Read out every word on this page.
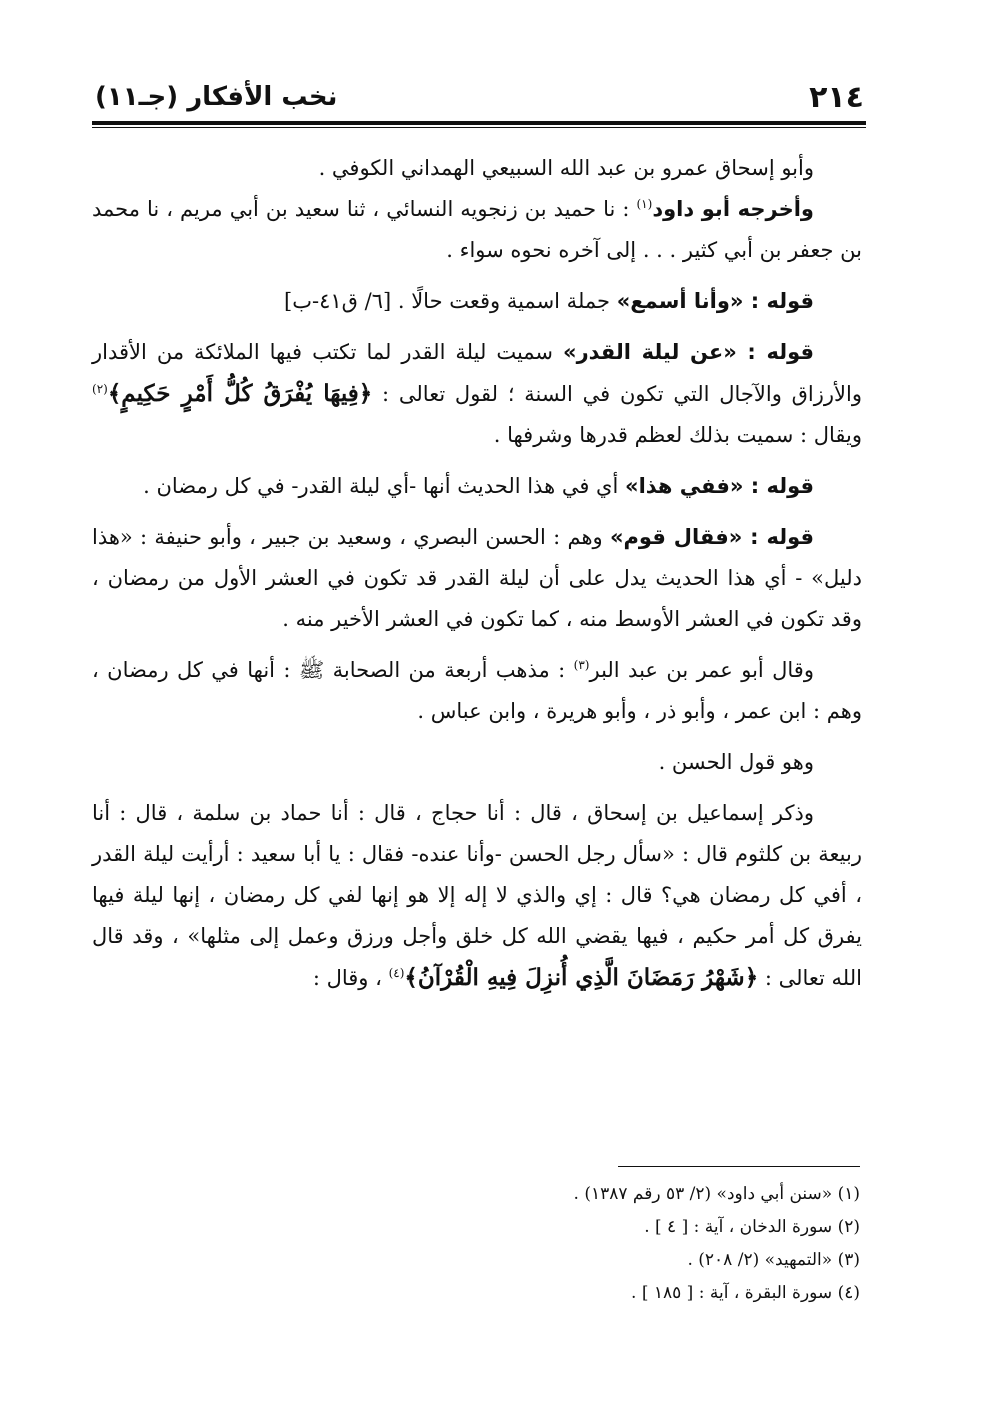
٢١٤
نخب الأفكار (جـ١١)

وأبو إسحاق عمرو بن عبد الله السبيعي الهمداني الكوفي .

وأخرجه أبو داود$^{(١)}$ : نا حميد بن زنجويه النسائي ، ثنا سعيد بن أبي مريم ، نا محمد بن جعفر بن أبي كثير . . . إلى آخره نحوه سواء .

قوله : «وأنا أسمع» جملة اسمية وقعت حالًا . [٦/ ق٤١-ب]

قوله : «عن ليلة القدر» سميت ليلة القدر لما تكتب فيها الملائكة من الأقدار والأرزاق والآجال التي تكون في السنة ؛ لقول تعالى : ﴿فِيهَا يُفْرَقُ كُلُّ أَمْرٍ حَكِيمٍ﴾$^{(٢)}$ ويقال : سميت بذلك لعظم قدرها وشرفها .

قوله : «ففي هذا» أي في هذا الحديث أنها -أي ليلة القدر- في كل رمضان .

قوله : «فقال قوم» وهم : الحسن البصري ، وسعيد بن جبير ، وأبو حنيفة : «هذا دليل» - أي هذا الحديث يدل على أن ليلة القدر قد تكون في العشر الأول من رمضان ، وقد تكون في العشر الأوسط منه ، كما تكون في العشر الأخير منه .

وقال أبو عمر بن عبد البر$^{(٣)}$ : مذهب أربعة من الصحابة ﷺ : أنها في كل رمضان ، وهم : ابن عمر ، وأبو ذر ، وأبو هريرة ، وابن عباس .

وهو قول الحسن .

وذكر إسماعيل بن إسحاق ، قال : أنا حجاج ، قال : أنا حماد بن سلمة ، قال : أنا ربيعة بن كلثوم قال : «سأل رجل الحسن -وأنا عنده- فقال : يا أبا سعيد : أرأيت ليلة القدر ، أفي كل رمضان هي؟ قال : إي والذي لا إله إلا هو إنها لفي كل رمضان ، إنها ليلة فيها يفرق كل أمر حكيم ، فيها يقضي الله كل خلق وأجل ورزق وعمل إلى مثلها» ، وقد قال الله تعالى : ﴿شَهْرُ رَمَضَانَ الَّذِي أُنزِلَ فِيهِ الْقُرْآنُ﴾$^{(٤)}$ ، وقال :

(١) «سنن أبي داود» (٢/ ٥٣ رقم ١٣٨٧) .
(٢) سورة الدخان ، آية : [ ٤ ] .
(٣) «التمهيد» (٢/ ٢٠٨) .
(٤) سورة البقرة ، آية : [ ١٨٥ ] .
